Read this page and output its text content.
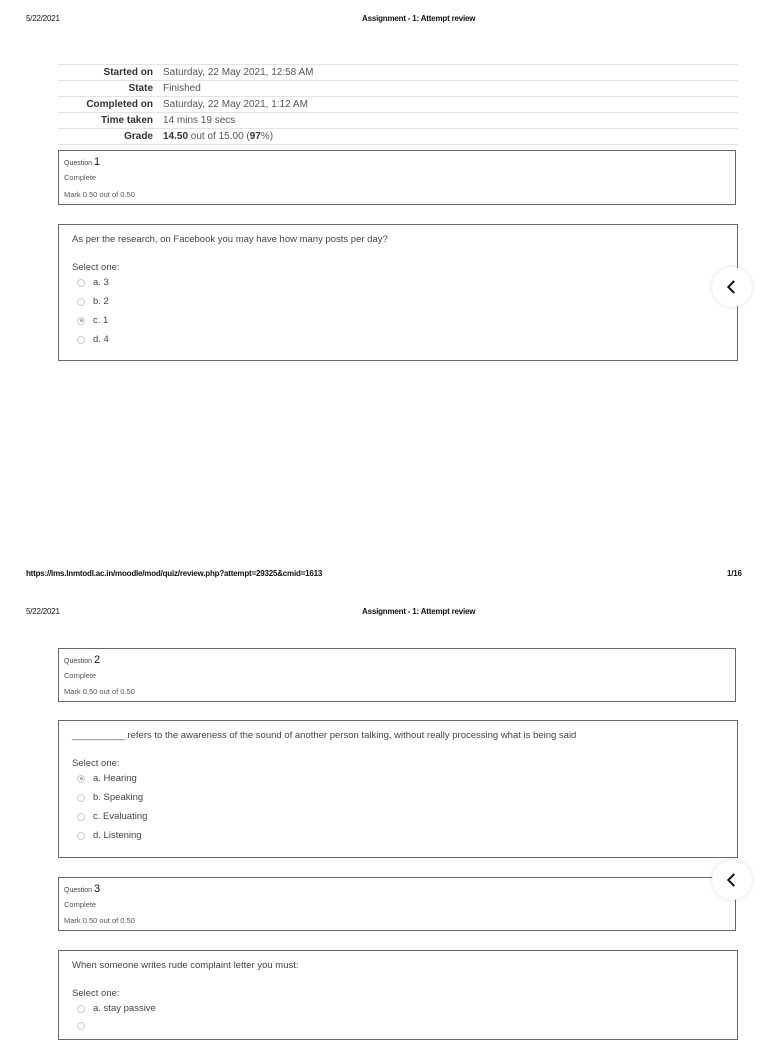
5/22/2021	Assignment - 1: Attempt review
Started on	Saturday, 22 May 2021, 12:58 AM
State	Finished
Completed on	Saturday, 22 May 2021, 1:12 AM
Time taken	14 mins 19 secs
Grade	14.50 out of 15.00 (97%)
Question 1
Complete
Mark 0.50 out of 0.50
As per the research, on Facebook you may have how many posts per day?
Select one:
a. 3
b. 2
c. 1
d. 4
https://lms.lnmtodl.ac.in/moodle/mod/quiz/review.php?attempt=29325&cmid=1613	1/16
5/22/2021	Assignment - 1: Attempt review
Question 2
Complete
Mark 0.50 out of 0.50
__________ refers to the awareness of the sound of another person talking, without really processing what is being said
Select one:
a. Hearing
b. Speaking
c. Evaluating
d. Listening
Question 3
Complete
Mark 0.50 out of 0.50
When someone writes rude complaint letter you must:
Select one:
a. stay passive
